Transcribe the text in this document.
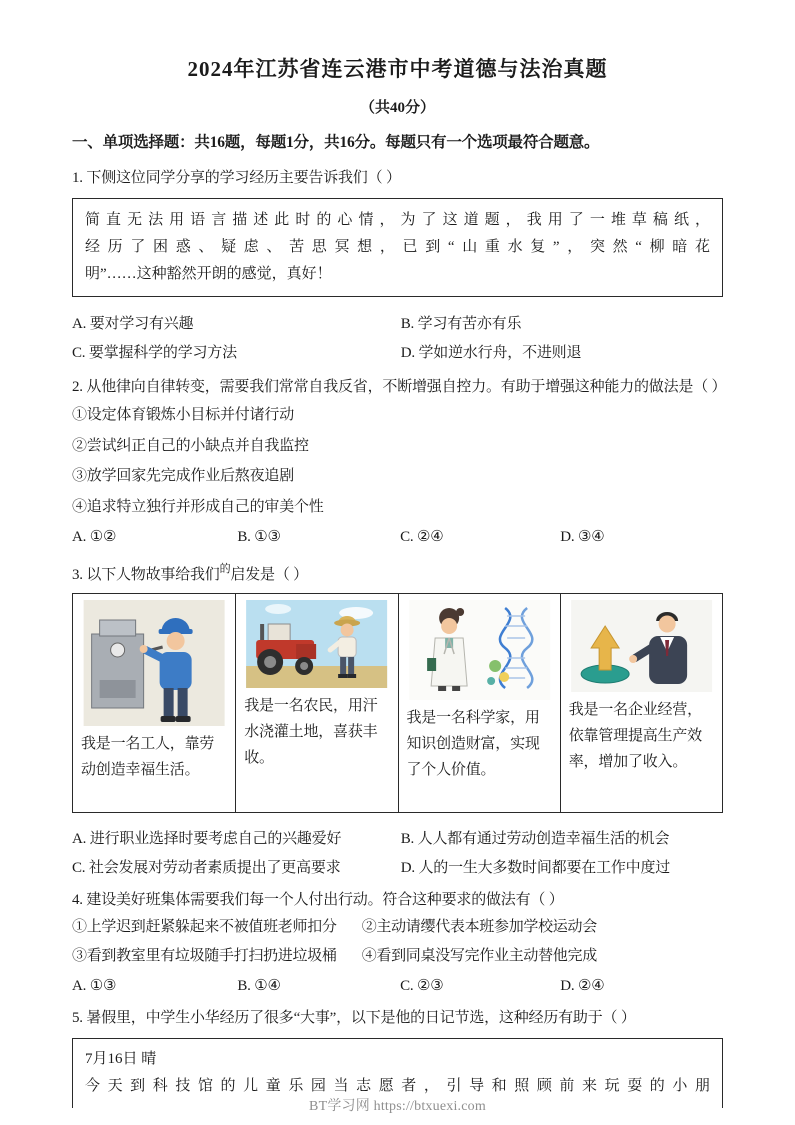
2024年江苏省连云港市中考道德与法治真题
（共40分）
一、单项选择题：共16题，每题1分，共16分。每题只有一个选项最符合题意。
1. 下侧这位同学分享的学习经历主要告诉我们（ ）
简直无法用语言描述此时的心情，为了这道题，我用了一堆草稿纸，
经历了困惑、疑虑、苦思冥想，已到“山重水复”，突然“柳暗花
明”……这种豁然开朗的感觉，真好！
A. 要对学习有兴趣	B. 学习有苦亦有乐
C. 要掌握科学的学习方法	D. 学如逆水行舟，不进则退
2. 从他律向自律转变，需要我们常常自我反省，不断增强自控力。有助于增强这种能力的做法是（ ）
①设定体育锻炼小目标并付诸行动
②尝试纠正自己的小缺点并自我监控
③放学回家先完成作业后熬夜追剧
④追求特立独行并形成自己的审美个性
A. ①②	B. ①③	C. ②④	D. ③④
3. 以下人物故事给我们$^的$启发是（ ）
我是一名工人，靠劳动创造幸福生活。
我是一名农民，用汗水浇灌土地，喜获丰收。
我是一名科学家，用知识创造财富，实现了个人价值。
我是一名企业经营，依靠管理提高生产效率，增加了收入。
A. 进行职业选择时要考虑自己的兴趣爱好	B. 人人都有通过劳动创造幸福生活的机会
C. 社会发展对劳动者素质提出了更高要求	D. 人的一生大多数时间都要在工作中度过
4. 建设美好班集体需要我们每一个人付出行动。符合这种要求的做法有（ ）
①上学迟到赶紧躲起来不被值班老师扣分	②主动请缨代表本班参加学校运动会
③看到教室里有垃圾随手打扫扔进垃圾桶	④看到同桌没写完作业主动替他完成
A. ①③	B. ①④	C. ②③	D. ②④
5. 暑假里，中学生小华经历了很多“大事”，以下是他的日记节选，这种经历有助于（ ）
7月16日 晴
今天到科技馆的儿童乐园当志愿者，引导和照顾前来玩耍的小朋
BT学习网 https://btxuexi.com
